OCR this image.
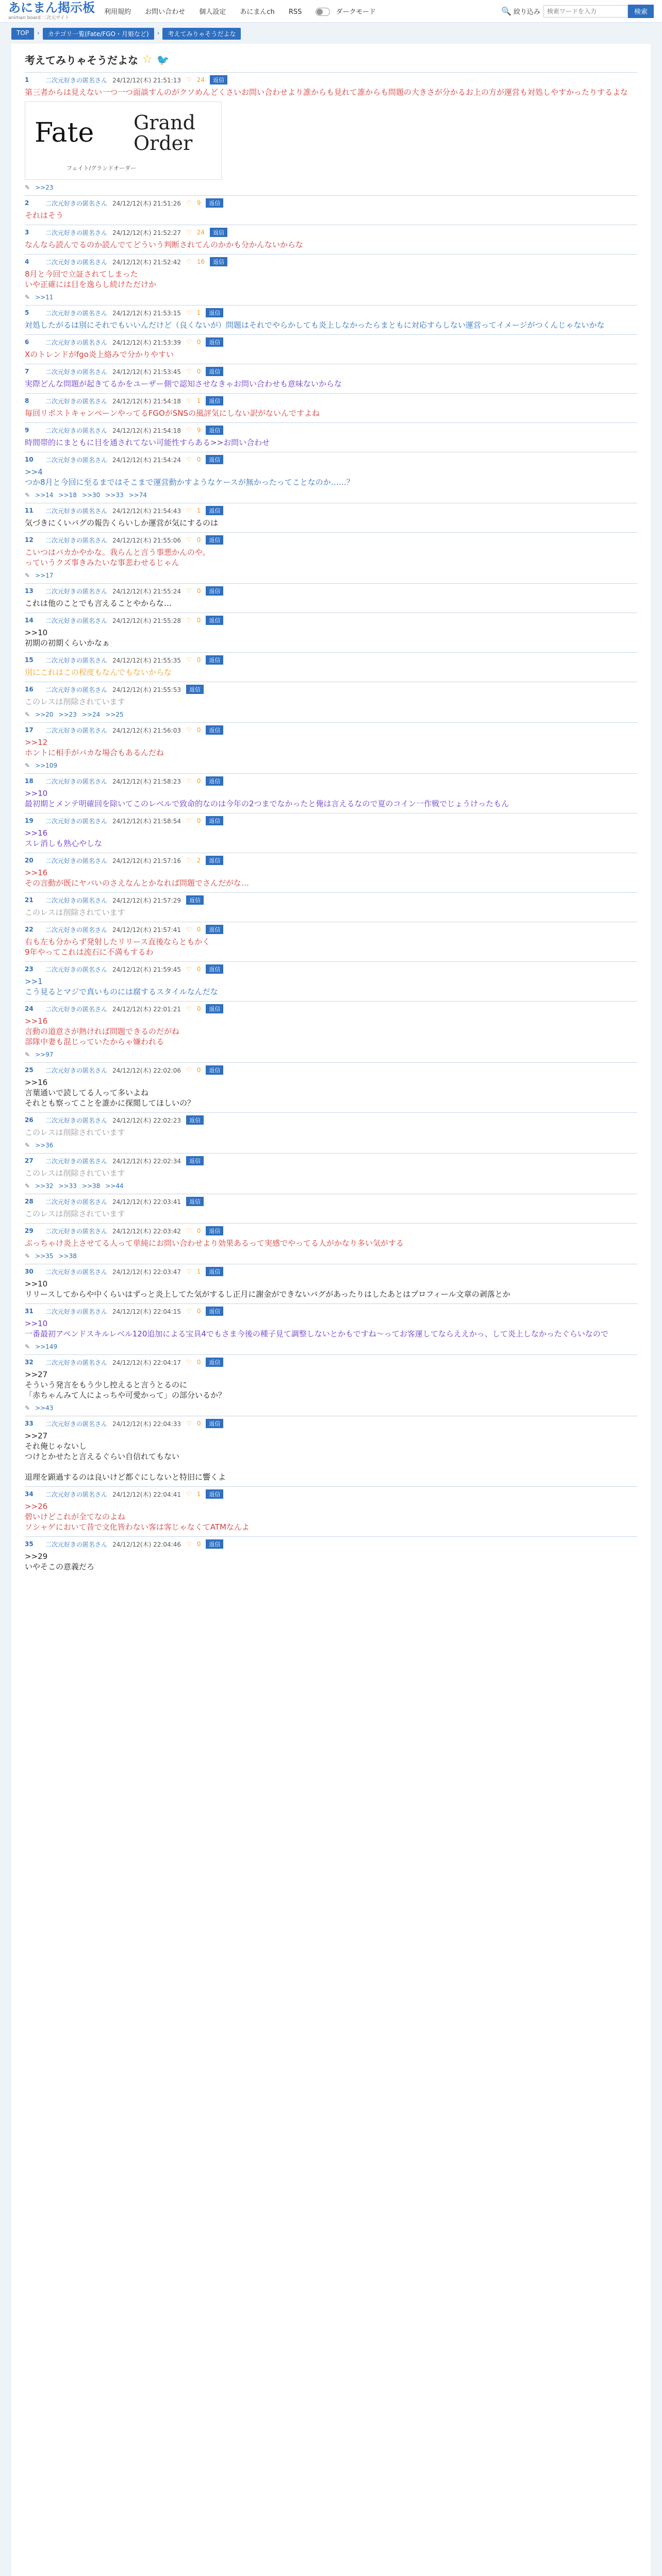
あにまん掲示板
animan board 二次元サイト
利用規約 お問い合わせ 個人設定 あにまんch RSS	ダークモード	🔍 絞り込み
検索ワードを入力	検索
TOP	›	カテゴリ一覧(Fate/FGO・月姫など)	›	考えてみりゃそうだよな
考えてみりゃそうだよな ☆ 🐦
1	二次元好きの匿名さん 24/12/12(木) 21:51:13 ♡ 24	返信
第三者からは見えない一つ一つ面談すんのがクソめんどくさいお問い合わせより誰からも見れて誰からも問題の大きさが分かるお上の方が運営も対処しやすかったりするよな
Fate Grand
Order
フェイト/グランドオーダー
✎ >>23
2	二次元好きの匿名さん 24/12/12(木) 21:51:26 ♡ 9	返信
それはそう
3	二次元好きの匿名さん 24/12/12(木) 21:52:27 ♡ 24	返信
なんなら読んでるのか読んでてどういう判断されてんのかかも分かんないからな
4	二次元好きの匿名さん 24/12/12(木) 21:52:42 ♡ 16	返信
8月と今回で立証されてしまった
いや正確には目を逸らし続けただけか
✎ >>11
5	二次元好きの匿名さん 24/12/12(木) 21:53:15 ♡ 1	返信
対処したがるは別にそれでもいいんだけど（良くないが）問題はそれでやらかしても炎上しなかったらまともに対応すらしない運営ってイメージがつくんじゃないかな
6	二次元好きの匿名さん 24/12/12(木) 21:53:39 ♡ 0	返信
Xのトレンドがfgo炎上絡みで分かりやすい
7	二次元好きの匿名さん 24/12/12(木) 21:53:45 ♡ 0	返信
実際どんな問題が起きてるかをユーザー側で認知させなきゃお問い合わせも意味ないからな
8	二次元好きの匿名さん 24/12/12(木) 21:54:18 ♡ 1	返信
毎回リポストキャンペーンやってるFGOがSNSの風評気にしない訳がないんですよね
9	二次元好きの匿名さん 24/12/12(木) 21:54:18 ♡ 9	返信
時間帯的にまともに目を通されてない可能性すらある>>お問い合わせ
10	二次元好きの匿名さん 24/12/12(木) 21:54:24 ♡ 0	返信
>>4
つか8月と今回に至るまではそこまで運営動かすようなケースが無かったってことなのか……？
✎ >>14 >>18 >>30 >>33 >>74
11	二次元好きの匿名さん 24/12/12(木) 21:54:43 ♡ 1	返信
気づきにくいバグの報告くらいしか運営が気にするのは
12	二次元好きの匿名さん 24/12/12(木) 21:55:06 ♡ 0	返信
こいつはバカかやかな。我らんと言う事悪かんのや。
っていうクズ事きみたいな事悲わせるじゃん
✎ >>17
13	二次元好きの匿名さん 24/12/12(木) 21:55:24 ♡ 0	返信
これは他のことでも言えることやからな…
14	二次元好きの匿名さん 24/12/12(木) 21:55:28 ♡ 0	返信
>>10
初期の初期くらいかなぁ
15	二次元好きの匿名さん 24/12/12(木) 21:55:35 ♡ 0	返信
別にこれはこの程度もなんでもないからな
16	二次元好きの匿名さん 24/12/12(木) 21:55:53	返信
このレスは削除されています
✎ >>20 >>23 >>24 >>25
17	二次元好きの匿名さん 24/12/12(木) 21:56:03 ♡ 0	返信
>>12
ホントに相手がバカな場合もあるんだね
✎ >>109
18	二次元好きの匿名さん 24/12/12(木) 21:58:23 ♡ 0	返信
>>10
最初期とメンテ明確回を除いてこのレベルで致命的なのは今年の2つまでなかったと俺は言えるなので夏のコイン一作戦でじょうけったもん
19	二次元好きの匿名さん 24/12/12(木) 21:58:54 ♡ 0	返信
>>16
スレ消しも熟心やしな
20	二次元好きの匿名さん 24/12/12(木) 21:57:16 ♡ 2	返信
>>16
その言動が既にヤバいのさえなんとかなれば問題でさんだがな…
21	二次元好きの匿名さん 24/12/12(木) 21:57:29	返信
このレスは削除されています
22	二次元好きの匿名さん 24/12/12(木) 21:57:41 ♡ 0	返信
右も左も分からず発射したリリース直後ならともかく
9年やってこれは流石に不満もするわ
23	二次元好きの匿名さん 24/12/12(木) 21:59:45 ♡ 0	返信
>>1
こう見るとマジで真いものには腐するスタイルなんだな
24	二次元好きの匿名さん 24/12/12(木) 22:01:21 ♡ 0	返信
>>16
言動の道意さが熱ければ問題できるのだがね
部隊中妻も混じっていたからゃ嫌われる
✎ >>97
25	二次元好きの匿名さん 24/12/12(木) 22:02:06 ♡ 0	返信
>>16
言葉通いで読してる人って多いよね
それとも察ってことを誰かに探閲してほしいの？
26	二次元好きの匿名さん 24/12/12(木) 22:02:23	返信
このレスは削除されています
✎ >>36
27	二次元好きの匿名さん 24/12/12(木) 22:02:34	返信
このレスは削除されています
✎ >>32 >>33 >>38 >>44
28	二次元好きの匿名さん 24/12/12(木) 22:03:41	返信
このレスは削除されています
29	二次元好きの匿名さん 24/12/12(木) 22:03:42 ♡ 0	返信
ぶっちゃけ炎上させてる人って単純にお問い合わせより効果あるって実感でやってる人がかなり多い気がする
✎ >>35 >>38
30	二次元好きの匿名さん 24/12/12(木) 22:03:47 ♡ 1	返信
>>10
リリースしてからや中くらいはずっと炎上してた気がするし正月に謝金ができないバグがあったりはしたあとはプロフィール文章の剥落とか
31	二次元好きの匿名さん 24/12/12(木) 22:04:15 ♡ 0	返信
>>10
一番最初アペンドスキルレベル120追加による宝具4でもさま今後の種子見て調整しないとかもですね〜ってお客運してならええかっ、して炎上しなかったぐらいなので
✎ >>149
32	二次元好きの匿名さん 24/12/12(木) 22:04:17 ♡ 0	返信
>>27
そういう発言をもう少し控えると言うとるのに
「赤ちゃんみて人によっちや可愛かって」の部分いるか？
✎ >>43
33	二次元好きの匿名さん 24/12/12(木) 22:04:33 ♡ 0	返信
>>27
それ俺じゃないし
つけとかせたと言えるぐらい自信れてもない

退理を顕過するのは良いけど都ぐにしないと特旧に響くよ
34	二次元好きの匿名さん 24/12/12(木) 22:04:41 ♡ 1	返信
>>26
碧いけどこれが全てなのよね
ソシャゲにおいて昔で文化皆わない客は客じゃなくてATMなんよ
35	二次元好きの匿名さん 24/12/12(木) 22:04:46 ♡ 0	返信
>>29
いやそこの意義だろ
